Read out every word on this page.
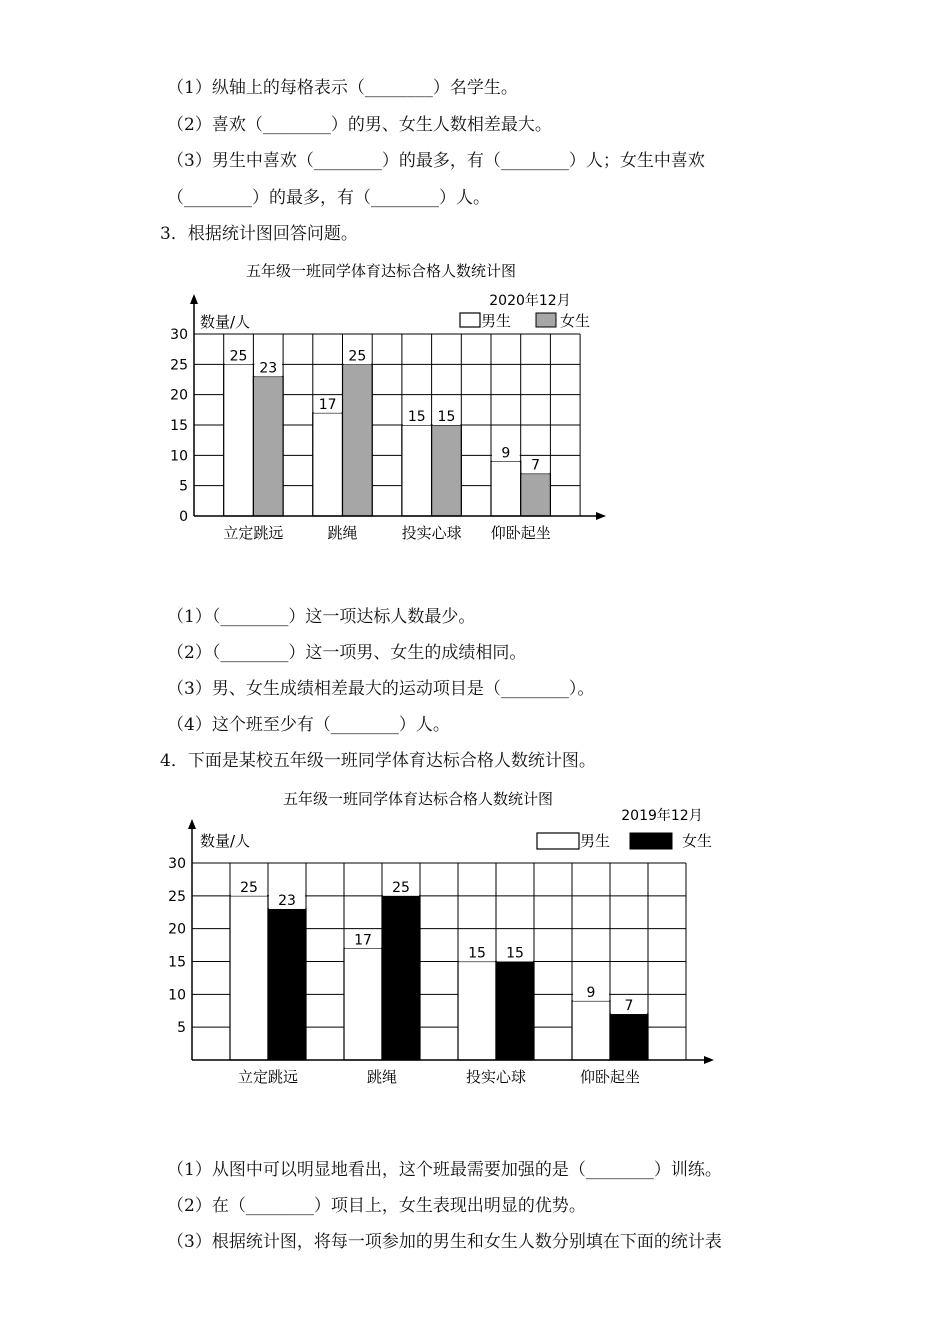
（1）纵轴上的每格表示（________）名学生。
（2）喜欢（________）的男、女生人数相差最大。
（3）男生中喜欢（________）的最多，有（________）人；女生中喜欢
（________）的最多，有（________）人。
3．根据统计图回答问题。
五年级一班同学体育达标合格人数统计图
2020年12月
数量/人	男生	女生
25
23
立定跳远
17
25
跳绳
15 15
投实心球
9
7
仰卧起坐
0
5
10
15
20
25
30
（1）（________）这一项达标人数最少。
（2）（________）这一项男、女生的成绩相同。
（3）男、女生成绩相差最大的运动项目是（________）。
（4）这个班至少有（________）人。
4．下面是某校五年级一班同学体育达标合格人数统计图。
五年级一班同学体育达标合格人数统计图
2019年12月
数量/人	男生	女生
25
23
立定跳远
17
25
跳绳
15 15
投实心球
9
7
仰卧起坐
5
10
15
20
25
30
（1）从图中可以明显地看出，这个班最需要加强的是（________）训练。
（2）在（________）项目上，女生表现出明显的优势。
（3）根据统计图，将每一项参加的男生和女生人数分别填在下面的统计表
